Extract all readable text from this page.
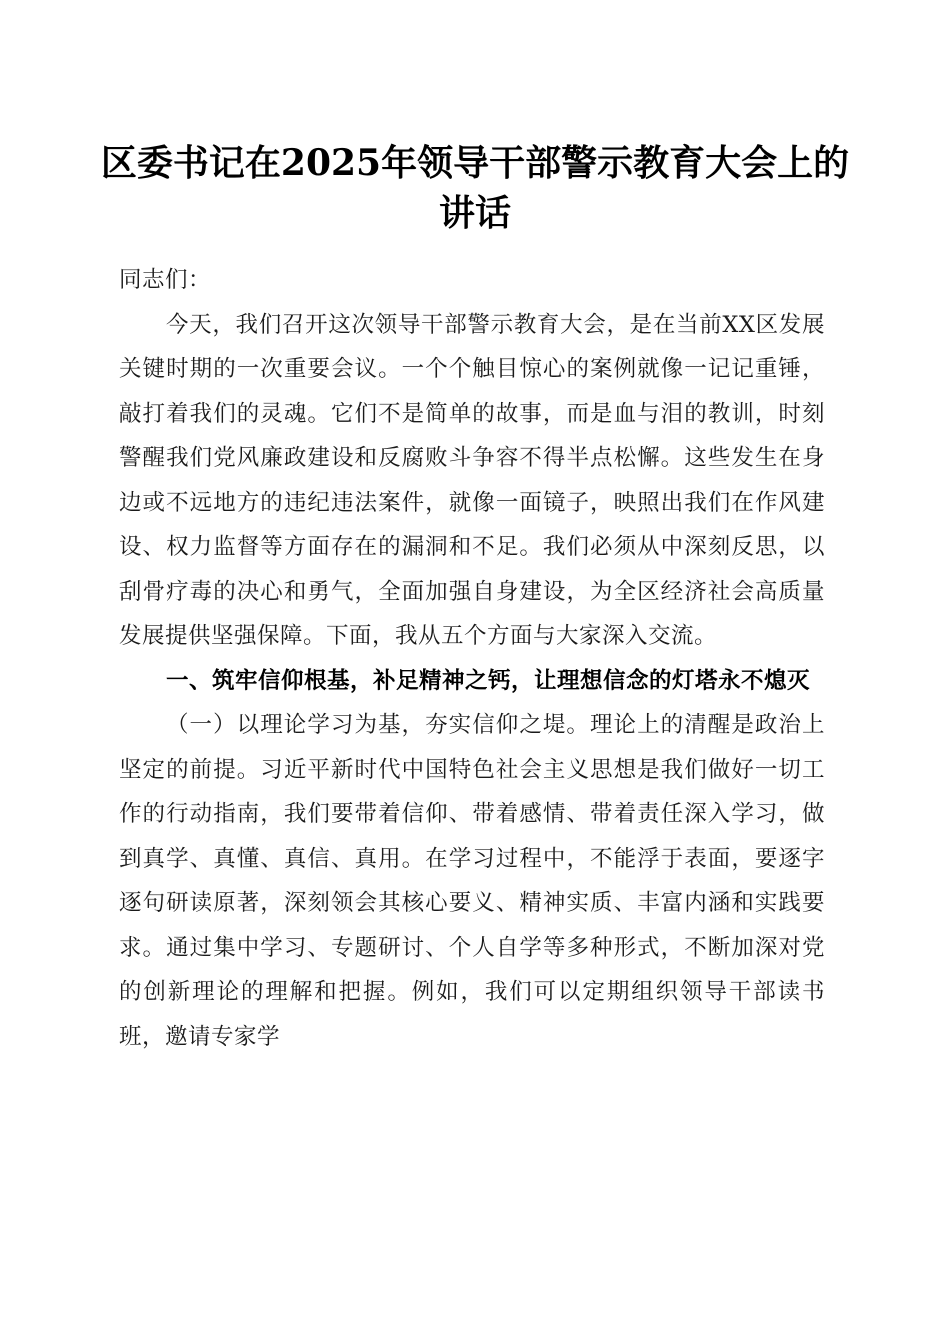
区委书记在2025年领导干部警示教育大会上的讲话

同志们：

今天，我们召开这次领导干部警示教育大会，是在当前XX区发展关键时期的一次重要会议。一个个触目惊心的案例就像一记记重锤，敲打着我们的灵魂。它们不是简单的故事，而是血与泪的教训，时刻警醒我们党风廉政建设和反腐败斗争容不得半点松懈。这些发生在身边或不远地方的违纪违法案件，就像一面镜子，映照出我们在作风建设、权力监督等方面存在的漏洞和不足。我们必须从中深刻反思，以刮骨疗毒的决心和勇气，全面加强自身建设，为全区经济社会高质量发展提供坚强保障。下面，我从五个方面与大家深入交流。

一、筑牢信仰根基，补足精神之钙，让理想信念的灯塔永不熄灭

（一）以理论学习为基，夯实信仰之堤。理论上的清醒是政治上坚定的前提。习近平新时代中国特色社会主义思想是我们做好一切工作的行动指南，我们要带着信仰、带着感情、带着责任深入学习，做到真学、真懂、真信、真用。在学习过程中，不能浮于表面，要逐字逐句研读原著，深刻领会其核心要义、精神实质、丰富内涵和实践要求。通过集中学习、专题研讨、个人自学等多种形式，不断加深对党的创新理论的理解和把握。例如，我们可以定期组织领导干部读书班，邀请专家学
